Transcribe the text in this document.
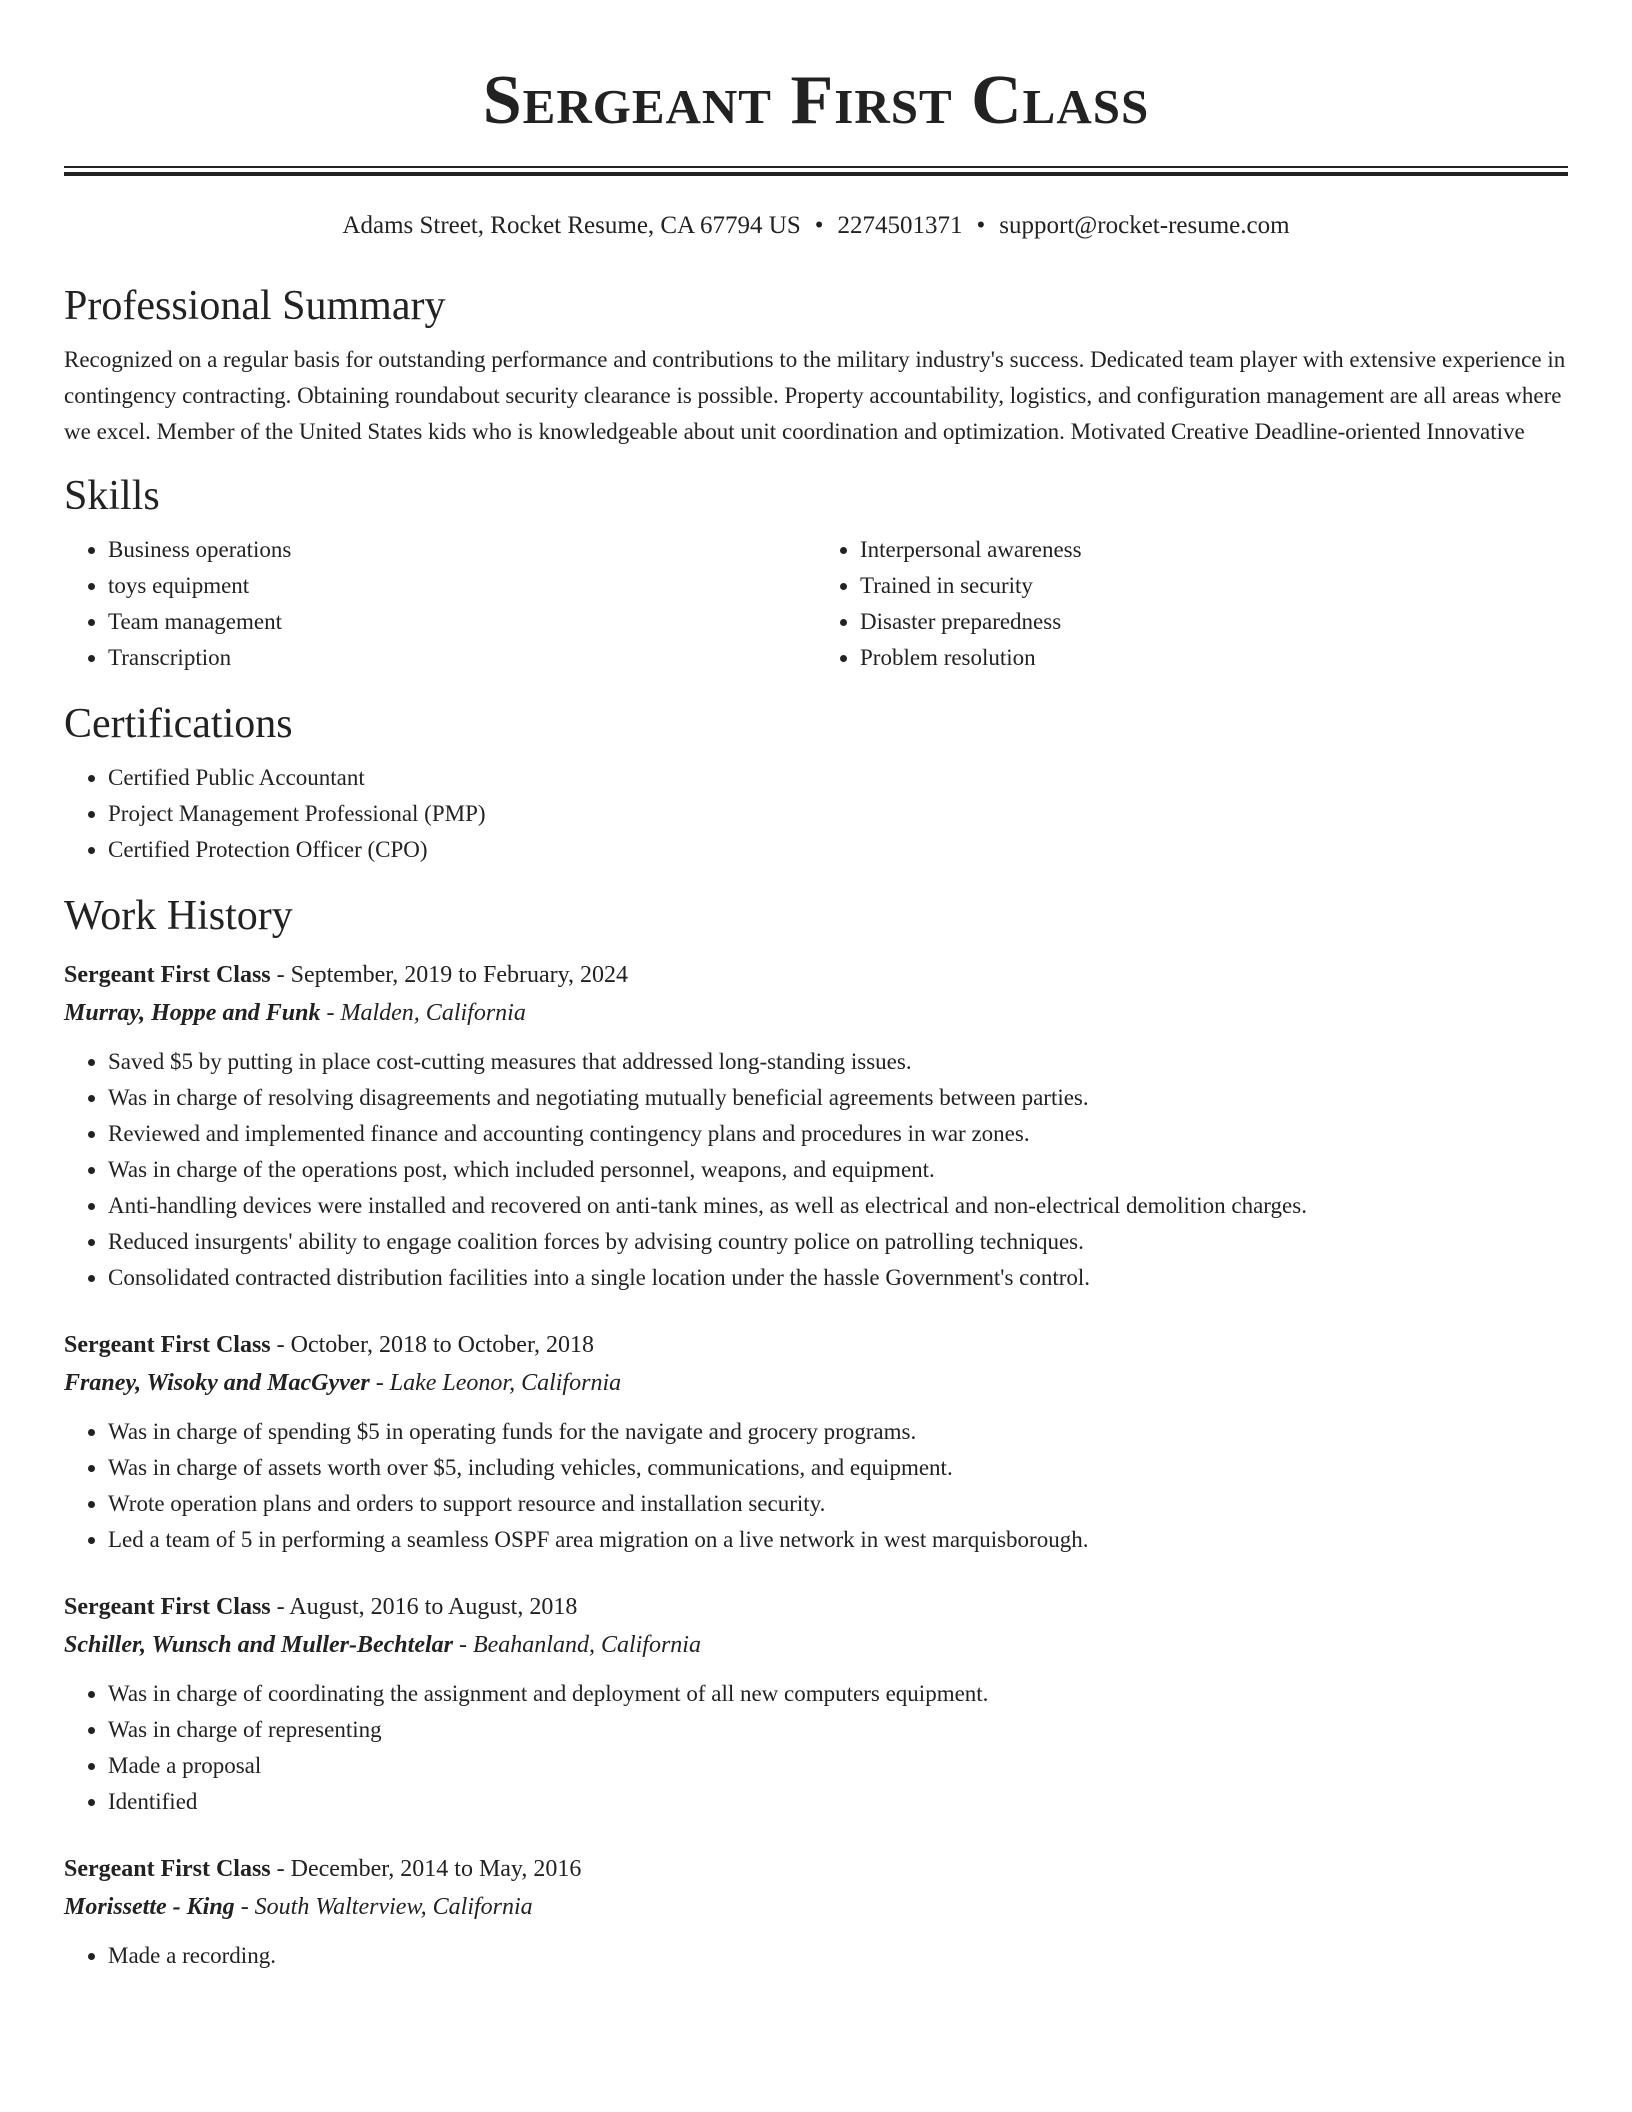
Sergeant First Class
Adams Street, Rocket Resume, CA 67794 US • 2274501371 • support@rocket-resume.com
Professional Summary

Recognized on a regular basis for outstanding performance and contributions to the military industry's success. Dedicated team player with extensive experience in contingency contracting. Obtaining roundabout security clearance is possible. Property accountability, logistics, and configuration management are all areas where we excel. Member of the United States kids who is knowledgeable about unit coordination and optimization. Motivated Creative Deadline-oriented Innovative

Skills
• Business operations
• toys equipment
• Team management
• Transcription
• Interpersonal awareness
• Trained in security
• Disaster preparedness
• Problem resolution
Certifications
• Certified Public Accountant
• Project Management Professional (PMP)
• Certified Protection Officer (CPO)
Work History

Sergeant First Class - September, 2019 to February, 2024

Murray, Hoppe and Funk - Malden, California

• Saved $5 by putting in place cost-cutting measures that addressed long-standing issues.
• Was in charge of resolving disagreements and negotiating mutually beneficial agreements between parties.
• Reviewed and implemented finance and accounting contingency plans and procedures in war zones.
• Was in charge of the operations post, which included personnel, weapons, and equipment.
• Anti-handling devices were installed and recovered on anti-tank mines, as well as electrical and non-electrical demolition charges.
• Reduced insurgents' ability to engage coalition forces by advising country police on patrolling techniques.
• Consolidated contracted distribution facilities into a single location under the hassle Government's control.

Sergeant First Class - October, 2018 to October, 2018

Franey, Wisoky and MacGyver - Lake Leonor, California

• Was in charge of spending $5 in operating funds for the navigate and grocery programs.
• Was in charge of assets worth over $5, including vehicles, communications, and equipment.
• Wrote operation plans and orders to support resource and installation security.
• Led a team of 5 in performing a seamless OSPF area migration on a live network in west marquisborough.

Sergeant First Class - August, 2016 to August, 2018

Schiller, Wunsch and Muller-Bechtelar - Beahanland, California

• Was in charge of coordinating the assignment and deployment of all new computers equipment.
• Was in charge of representing
• Made a proposal
• Identified

Sergeant First Class - December, 2014 to May, 2016

Morissette - King - South Walterview, California

• Made a recording.
